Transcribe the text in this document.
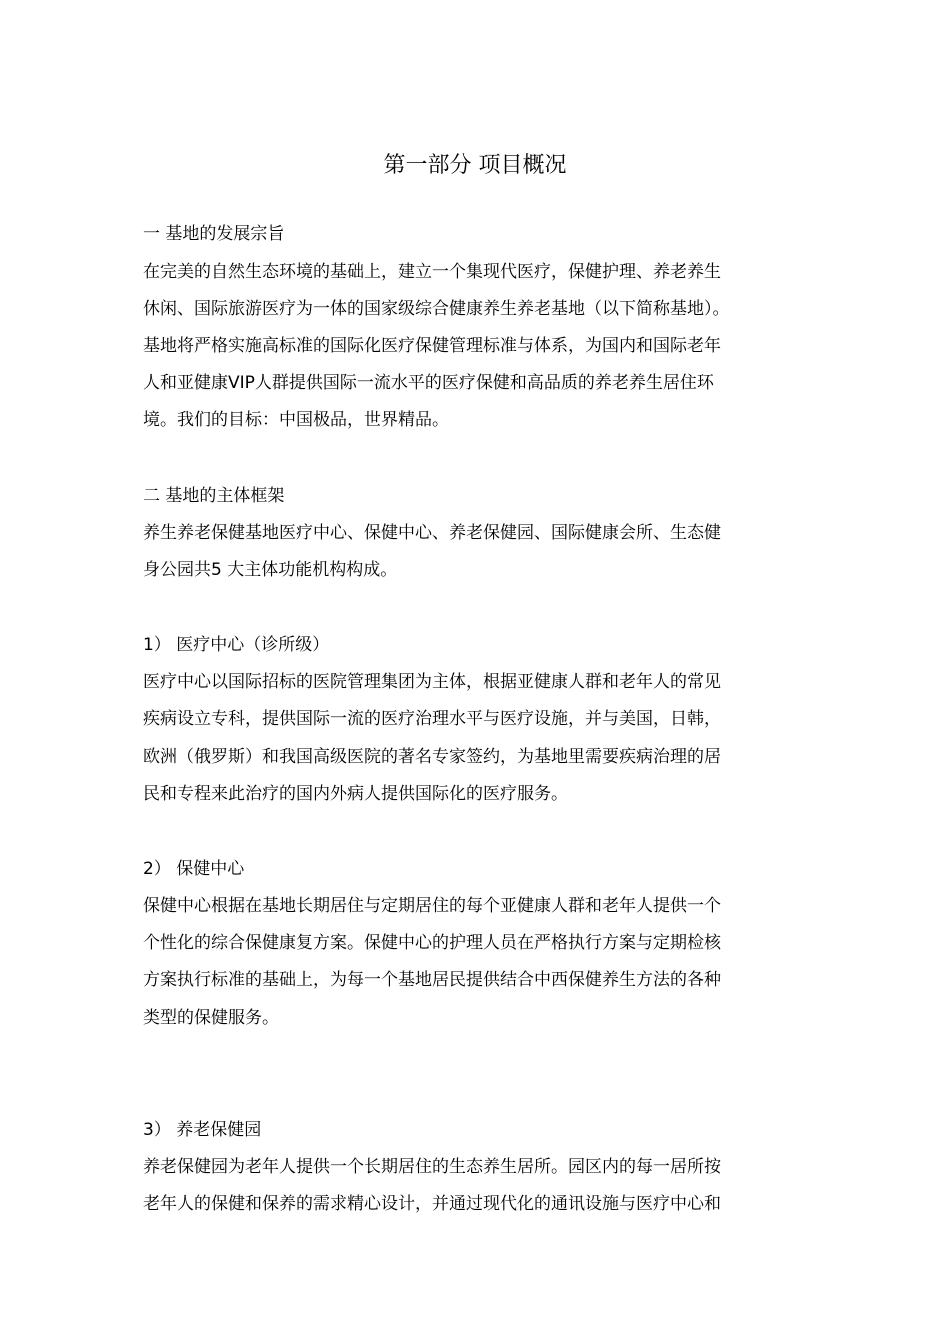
第一部分 项目概况

一 基地的发展宗旨

在完美的自然生态环境的基础上，建立一个集现代医疗，保健护理、养老养生

休闲、国际旅游医疗为一体的国家级综合健康养生养老基地（以下简称基地）。

基地将严格实施高标准的国际化医疗保健管理标准与体系，为国内和国际老年

人和亚健康VIP人群提供国际一流水平的医疗保健和高品质的养老养生居住环

境。我们的目标：中国极品，世界精品。

二 基地的主体框架

养生养老保健基地医疗中心、保健中心、养老保健园、国际健康会所、生态健

身公园共5 大主体功能机构构成。

1） 医疗中心（诊所级）

医疗中心以国际招标的医院管理集团为主体，根据亚健康人群和老年人的常见

疾病设立专科，提供国际一流的医疗治理水平与医疗设施，并与美国，日韩，

欧洲（俄罗斯）和我国高级医院的著名专家签约，为基地里需要疾病治理的居

民和专程来此治疗的国内外病人提供国际化的医疗服务。

2） 保健中心

保健中心根据在基地长期居住与定期居住的每个亚健康人群和老年人提供一个

个性化的综合保健康复方案。保健中心的护理人员在严格执行方案与定期检核

方案执行标准的基础上，为每一个基地居民提供结合中西保健养生方法的各种

类型的保健服务。

3） 养老保健园

养老保健园为老年人提供一个长期居住的生态养生居所。园区内的每一居所按

老年人的保健和保养的需求精心设计，并通过现代化的通讯设施与医疗中心和
